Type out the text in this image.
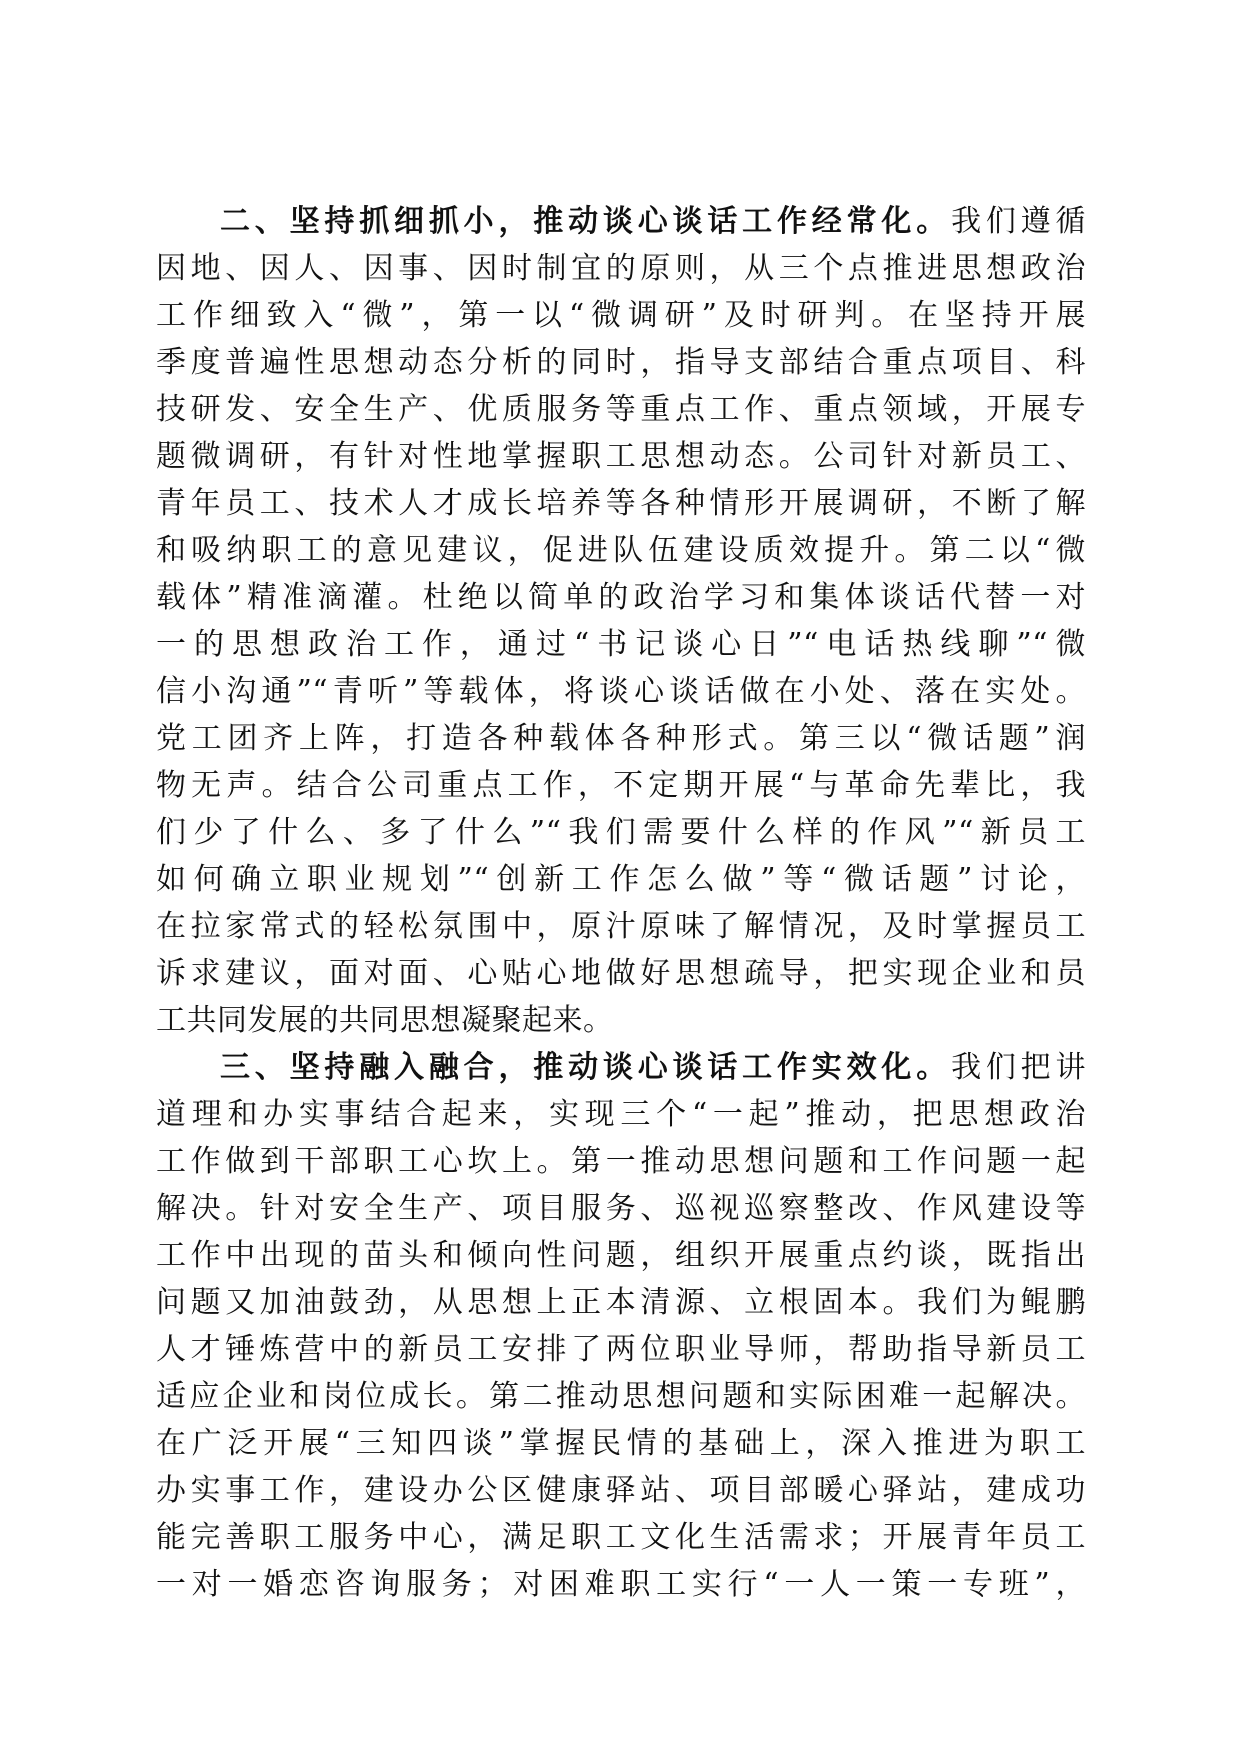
二、坚持抓细抓小，推动谈心谈话工作经常化。我们遵循
因地、因人、因事、因时制宜的原则，从三个点推进思想政治
工作细致入“微”，第一以“微调研”及时研判。在坚持开展
季度普遍性思想动态分析的同时，指导支部结合重点项目、科
技研发、安全生产、优质服务等重点工作、重点领域，开展专
题微调研，有针对性地掌握职工思想动态。公司针对新员工、
青年员工、技术人才成长培养等各种情形开展调研，不断了解
和吸纳职工的意见建议，促进队伍建设质效提升。第二以“微
载体”精准滴灌。杜绝以简单的政治学习和集体谈话代替一对
一的思想政治工作，通过“书记谈心日”“电话热线聊”“微
信小沟通”“青听”等载体，将谈心谈话做在小处、落在实处。
党工团齐上阵，打造各种载体各种形式。第三以“微话题”润
物无声。结合公司重点工作，不定期开展“与革命先辈比，我
们少了什么、多了什么”“我们需要什么样的作风”“新员工
如何确立职业规划”“创新工作怎么做”等“微话题”讨论，
在拉家常式的轻松氛围中，原汁原味了解情况，及时掌握员工
诉求建议，面对面、心贴心地做好思想疏导，把实现企业和员
工共同发展的共同思想凝聚起来。
三、坚持融入融合，推动谈心谈话工作实效化。我们把讲
道理和办实事结合起来，实现三个“一起”推动，把思想政治
工作做到干部职工心坎上。第一推动思想问题和工作问题一起
解决。针对安全生产、项目服务、巡视巡察整改、作风建设等
工作中出现的苗头和倾向性问题，组织开展重点约谈，既指出
问题又加油鼓劲，从思想上正本清源、立根固本。我们为鲲鹏
人才锤炼营中的新员工安排了两位职业导师，帮助指导新员工
适应企业和岗位成长。第二推动思想问题和实际困难一起解决。
在广泛开展“三知四谈”掌握民情的基础上，深入推进为职工
办实事工作，建设办公区健康驿站、项目部暖心驿站，建成功
能完善职工服务中心，满足职工文化生活需求；开展青年员工
一对一婚恋咨询服务；对困难职工实行“一人一策一专班”，
